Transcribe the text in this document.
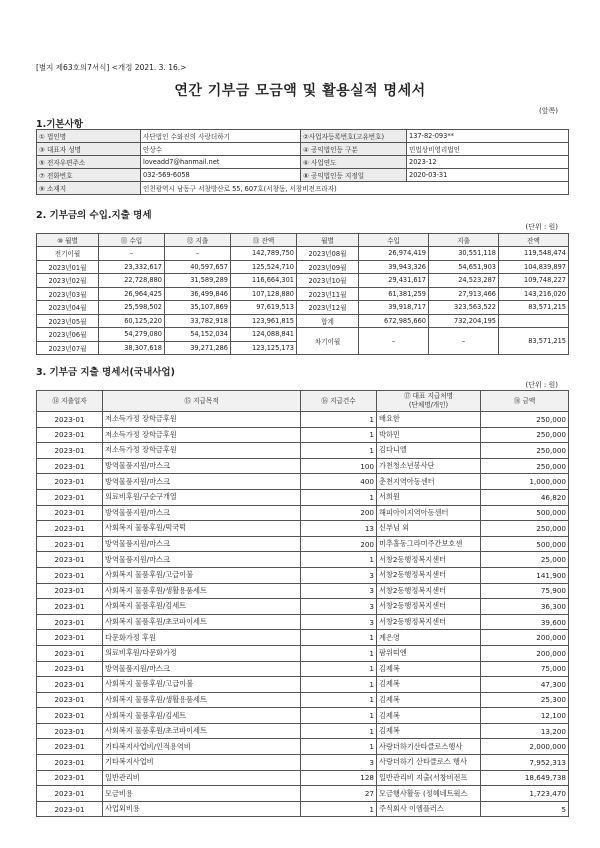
[별지 제63호의7서식] <개정 2021. 3. 16.>
연간 기부금 모금액 및 활용실적 명세서
(앞쪽)
1.기본사항
① 법인명	사단법인 수와진의 사랑더하기	②사업자등록번호(고유번호)	137-82-093**
③ 대표자 성명	안상수	④ 공익법인등 구분	민법상비영리법인
⑤ 전자우편주소	loveadd7@hanmail.net	⑥ 사업연도	2023-12
⑦ 전화번호	032-569-6058	⑧ 공익법인등 지정일	2020-03-31
⑨ 소재지	인천광역시 남동구 서창방산로 55, 607호(서창동, 서창비전프라자)		
2. 기부금의 수입.지출 명세
(단위 : 원)
⑩ 월별	⑪ 수입	⑫ 지출	⑬ 잔액	월별	수입	지출	잔액
전기이월	–	–	142,789,750	2023년08월	26,974,419	30,551,118	119,548,474
2023년01월	23,332,617	40,597,657	125,524,710	2023년09월	39,943,326	54,651,903	104,839,897
2023년02월	22,728,880	31,589,289	116,664,301	2023년10월	29,431,617	24,523,287	109,748,227
2023년03월	26,964,425	36,499,846	107,128,880	2023년11월	61,381,259	27,913,466	143,216,020
2023년04월	25,598,502	35,107,869	97,619,513	2023년12월	39,918,717	323,563,522	83,571,215
2023년05월	60,125,220	33,782,918	123,961,815	합계	672,985,660	732,204,195	
2023년06월	54,279,080	54,152,034	124,088,841	차기이월	–	–	83,571,215
2023년07월	38,307,618	39,271,286	123,125,173				
3. 기부금 지출 명세서(국내사업)
(단위 : 원)
⑭ 지출일자	⑮ 지급목적	⑯ 지급건수	⑰ 대표 지급처명
(단체명/개인)	⑱ 금액
2023-01	저소득가정 장학금후원	1	배요한	250,000
2023-01	저소득가정 장학금후원	1	박하민	250,000
2023-01	저소득가정 장학금후원	1	김다니엘	250,000
2023-01	방역물품지원/마스크	100	가천청소년봉사단	250,000
2023-01	방역물품지원/마스크	400	춘천지역아동센터	1,000,000
2023-01	의료비후원/구순구개열	1	서희원	46,820
2023-01	방역물품지원/마스크	200	해피아이지역아동센터	500,000
2023-01	사회복지 물품후원/떡국떡	13	신부님 외	250,000
2023-01	방역물품지원/마스크	200	미추홀동그라미주간보호센	500,000
2023-01	방역물품지원/마스크	1	서창2동행정복지센터	25,000
2023-01	사회복지 물품후원/고급이불	3	서창2동행정복지센터	141,900
2023-01	사회복지 물품후원/생활용품세트	3	서창2동행정복지센터	75,900
2023-01	사회복지 물품후원/김세트	3	서창2동행정복지센터	36,300
2023-01	사회복지 물품후원/초코파이세트	3	서창2동행정복지센터	39,600
2023-01	다문화가정 후원	1	계은영	200,000
2023-01	의료비후원/다문화가정	1	팜위띠엔	200,000
2023-01	방역물품지원/마스크	1	김제복	75,000
2023-01	사회복지 물품후원/고급이불	1	김제복	47,300
2023-01	사회복지 물품후원/생활용품세트	1	김제복	25,300
2023-01	사회복지 물품후원/김세트	1	김제복	12,100
2023-01	사회복지 물품후원/초코파이세트	1	김제복	13,200
2023-01	기타복지사업비/인적용역비	1	사랑더하기산타클로스행사	2,000,000
2023-01	기타복지사업비	3	사랑더하기 산타클로스 행사	7,952,313
2023-01	일반관리비	128	일반관리비 지출(서창비전프	18,649,738
2023-01	모금비용	27	모금행사활동 (정혜네트웍스	1,723,470
2023-01	사업외비용	1	주식회사 이엠플러스	5
